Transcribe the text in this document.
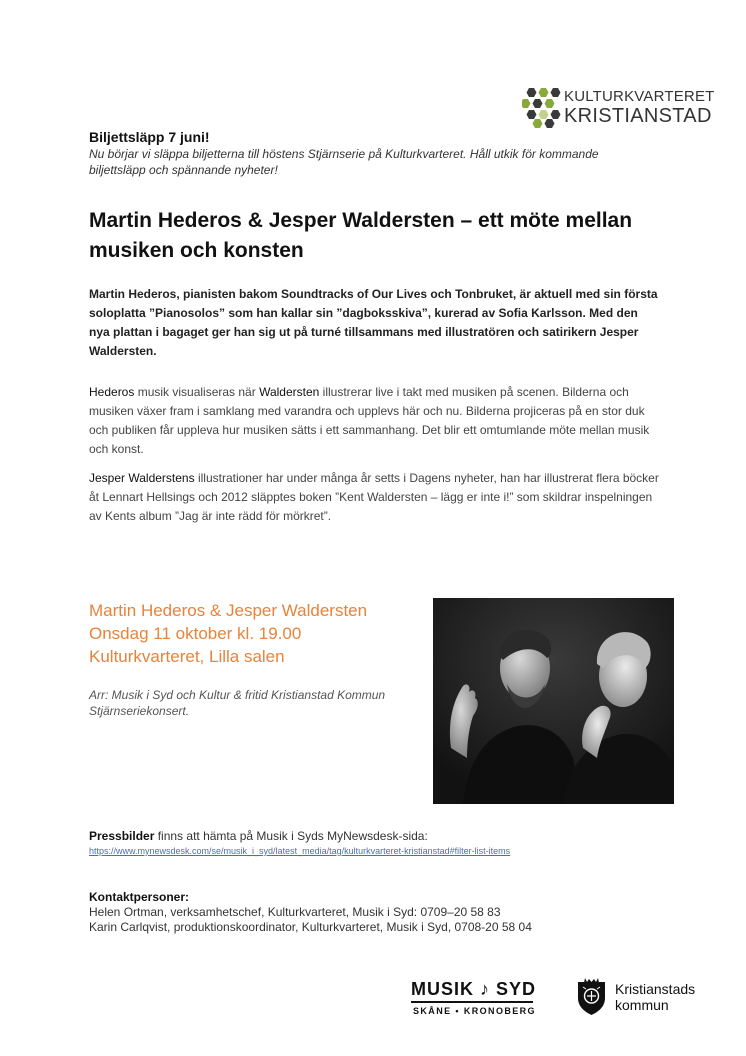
KULTURKVARTERET
KRISTIANSTAD
Biljettsläpp 7 juni!
Nu börjar vi släppa biljetterna till höstens Stjärnserie på Kulturkvarteret. Håll utkik för kommande biljettsläpp och spännande nyheter!
Martin Hederos & Jesper Waldersten – ett möte mellan musiken och konsten
Martin Hederos, pianisten bakom Soundtracks of Our Lives och Tonbruket, är aktuell med sin första soloplatta ”Pianosolos” som han kallar sin ”dagboksskiva”, kurerad av Sofia Karlsson. Med den nya plattan i bagaget ger han sig ut på turné tillsammans med illustratören och satirikern Jesper Waldersten.
Hederos musik visualiseras när Waldersten illustrerar live i takt med musiken på scenen. Bilderna och musiken växer fram i samklang med varandra och upplevs här och nu. Bilderna projiceras på en stor duk och publiken får uppleva hur musiken sätts i ett sammanhang. Det blir ett omtumlande möte mellan musik och konst.
Jesper Walderstens illustrationer har under många år setts i Dagens nyheter, han har illustrerat flera böcker åt Lennart Hellsings och 2012 släpptes boken ”Kent Waldersten – lägg er inte i!” som skildrar inspelningen av Kents album ”Jag är inte rädd för mörkret”.
Martin Hederos & Jesper Waldersten
Onsdag 11 oktober kl. 19.00
Kulturkvarteret, Lilla salen
Arr: Musik i Syd och Kultur & fritid Kristianstad Kommun
Stjärnseriekonsert.
Pressbilder finns att hämta på Musik i Syds MyNewsdesk-sida:
https://www.mynewsdesk.com/se/musik_i_syd/latest_media/tag/kulturkvarteret-kristianstad#filter-list-items
Kontaktpersoner:
Helen Ortman, verksamhetschef, Kulturkvarteret, Musik i Syd: 0709–20 58 83
Karin Carlqvist, produktionskoordinator, Kulturkvarteret, Musik i Syd, 0708-20 58 04
MUSIK ♪ SYD
SKÅNE • KRONOBERG
Kristianstads
kommun
